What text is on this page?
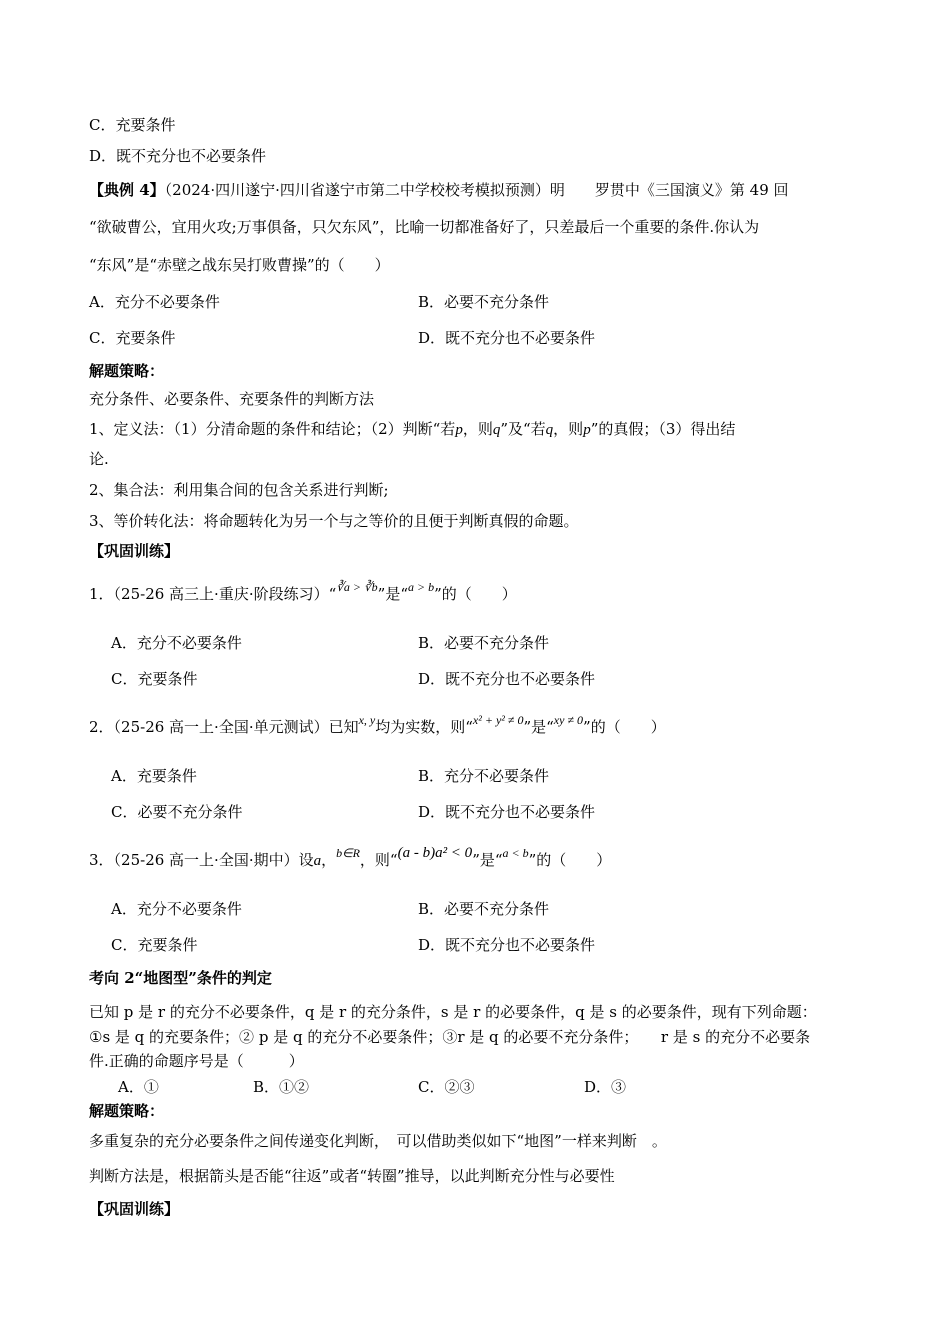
C．充要条件
D．既不充分也不必要条件
【典例 4】（2024·四川遂宁·四川省遂宁市第二中学校校考模拟预测）明　　罗贯中《三国演义》第 49 回
“欲破曹公，宜用火攻;万事俱备，只欠东风”，比喻一切都准备好了，只差最后一个重要的条件.你认为
“东风”是“赤壁之战东吴打败曹操”的（　　）
A．充分不必要条件	B．必要不充分条件
C．充要条件	D．既不充分也不必要条件
解题策略：
充分条件、必要条件、充要条件的判断方法
1、定义法：（1）分清命题的条件和结论；（2）判断“若p，则q”及“若q，则p”的真假；（3）得出结
论.
2、集合法：利用集合间的包含关系进行判断;
3、等价转化法：将命题转化为另一个与之等价的且便于判断真假的命题。
【巩固训练】
1．（25-26 高三上·重庆·阶段练习）“$^{∛a > ∛b}$”是“$^{a > b}$”的（　　）
A．充分不必要条件	B．必要不充分条件
C．充要条件	D．既不充分也不必要条件
2．（25-26 高一上·全国·单元测试）已知$^{x, y}$均为实数，则“$^{x^2 + y^2 \ne 0}$”是“$^{xy \ne 0}$”的（　　）
A．充要条件	B．充分不必要条件
C．必要不充分条件	D．既不充分也不必要条件
3．（25-26 高一上·全国·期中）设a，$^{b\in R}$，则“(a - b)a² < 0”是“$^{a < b}$”的（　　）
A．充分不必要条件	B．必要不充分条件
C．充要条件	D．既不充分也不必要条件
考向 2“地图型”条件的判定
已知 p 是 r 的充分不必要条件，q 是 r 的充分条件，s 是 r 的必要条件，q 是 s 的必要条件，现有下列命题：
①s 是 q 的充要条件；② p 是 q 的充分不必要条件；③r 是 q 的必要不充分条件；　　r 是 s 的充分不必要条
件.正确的命题序号是（　　　）
A．①	B．①②	C．②③	D．③
解题策略：
多重复杂的充分必要条件之间传递变化判断，　可以借助类似如下“地图”一样来判断　。
判断方法是，根据箭头是否能“往返”或者“转圈”推导，以此判断充分性与必要性
【巩固训练】
